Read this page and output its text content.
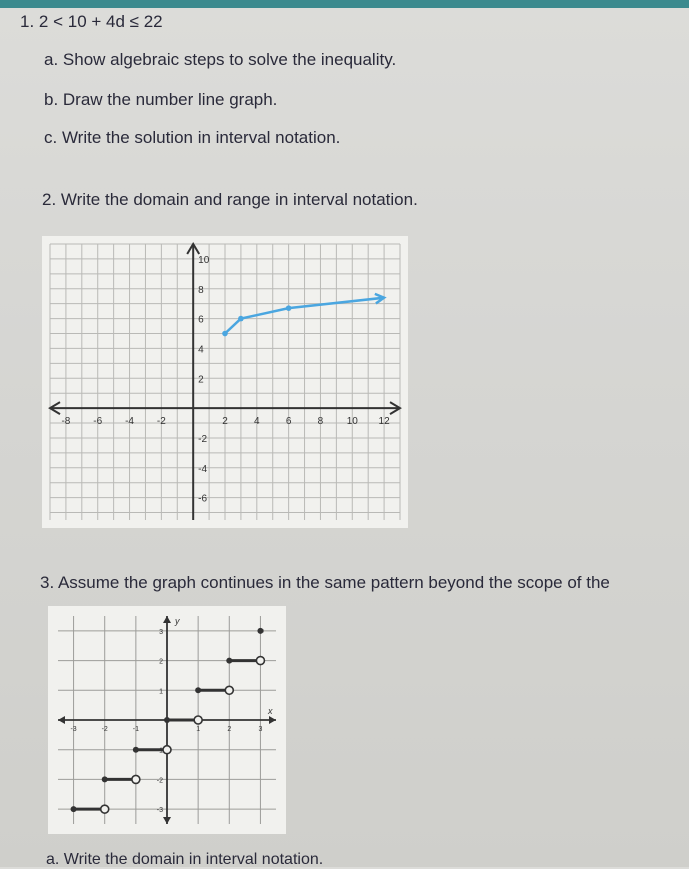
1. 2 < 10 + 4d ≤ 22
a. Show algebraic steps to solve the inequality.
b. Draw the number line graph.
c. Write the solution in interval notation.
2. Write the domain and range in interval notation.
-8 -6 -4 -2	2	4	6	8 10 12
10
8
6
4
2
-2
-4
-6
3. Assume the graph continues in the same pattern beyond the scope of the
x
y
-3	-2	-1	1	2	3
3
2
1
-1
-2
-3
a. Write the domain in interval notation.
